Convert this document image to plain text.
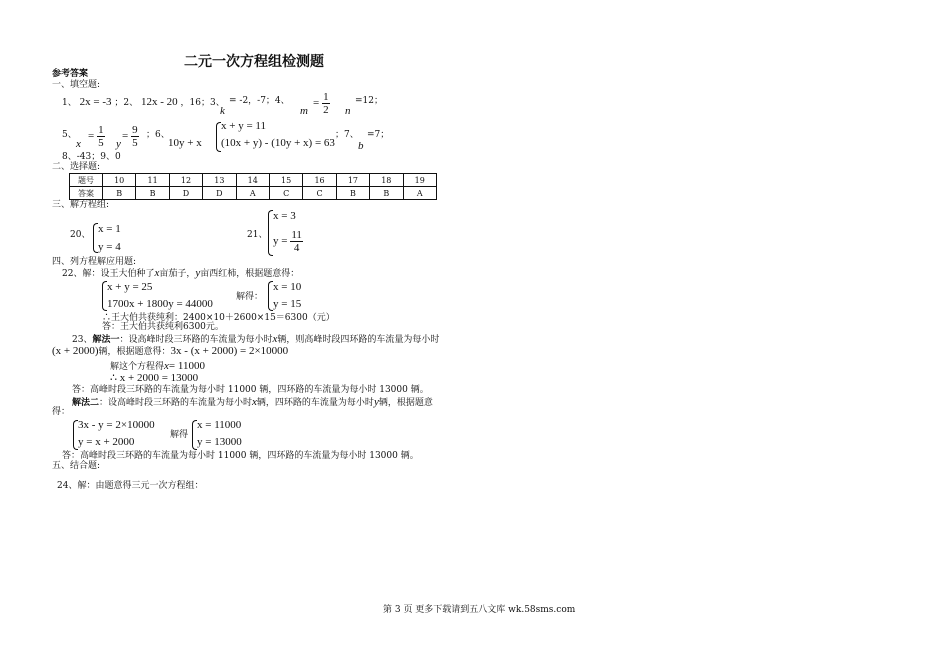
二元一次方程组检测题
参考答案
一、填空题:
1、 2x = -3 ；2、 12x - 20 ，16；3、
k
= -2，-7；4、
m
= $\frac{1}{2}$ n
=12；
5、
x
= $\frac{1}{5}$ y
= $\frac{9}{5}$ ；6、
10y + x
x + y = 11
(10x + y) - (10y + x) = 63
；7、
b
=7；
8、-43；9、0
二、选择题:
题号	10	11	12	13	14	15	16	17	18	19
答案	B	B	D	D	A	C	C	B	B	A
三、解方程组:
20、 x = 1
y = 4
21、
x = 3
$y = \frac{11}{4}$
四、列方程解应用题:
22、解：设王大伯种了x亩茄子，y亩西红柿，根据题意得：
x + y = 25
1700x + 1800y = 44000
解得：
x = 10
y = 15
∴王大伯共获纯利：2400×10＋2600×15＝6300（元）
答：王大伯共获纯利6300元。
23、解法一：设高峰时段三环路的车流量为每小时x辆，则高峰时段四环路的车流量为每小时
(x + 2000)辆，根据题意得：3x - (x + 2000) = 2×10000
解这个方程得x= 11000
∴ x + 2000 = 13000
答：高峰时段三环路的车流量为每小时 11000 辆，四环路的车流量为每小时 13000 辆。
解法二：设高峰时段三环路的车流量为每小时x辆，四环路的车流量为每小时y辆，根据题意
得：
3x - y = 2×10000
y = x + 2000
解得
x = 11000
y = 13000
答：高峰时段三环路的车流量为每小时 11000 辆，四环路的车流量为每小时 13000 辆。
五、结合题:
24、解：由题意得三元一次方程组：
第 3 页 更多下载请到五八文库 wk.58sms.com
